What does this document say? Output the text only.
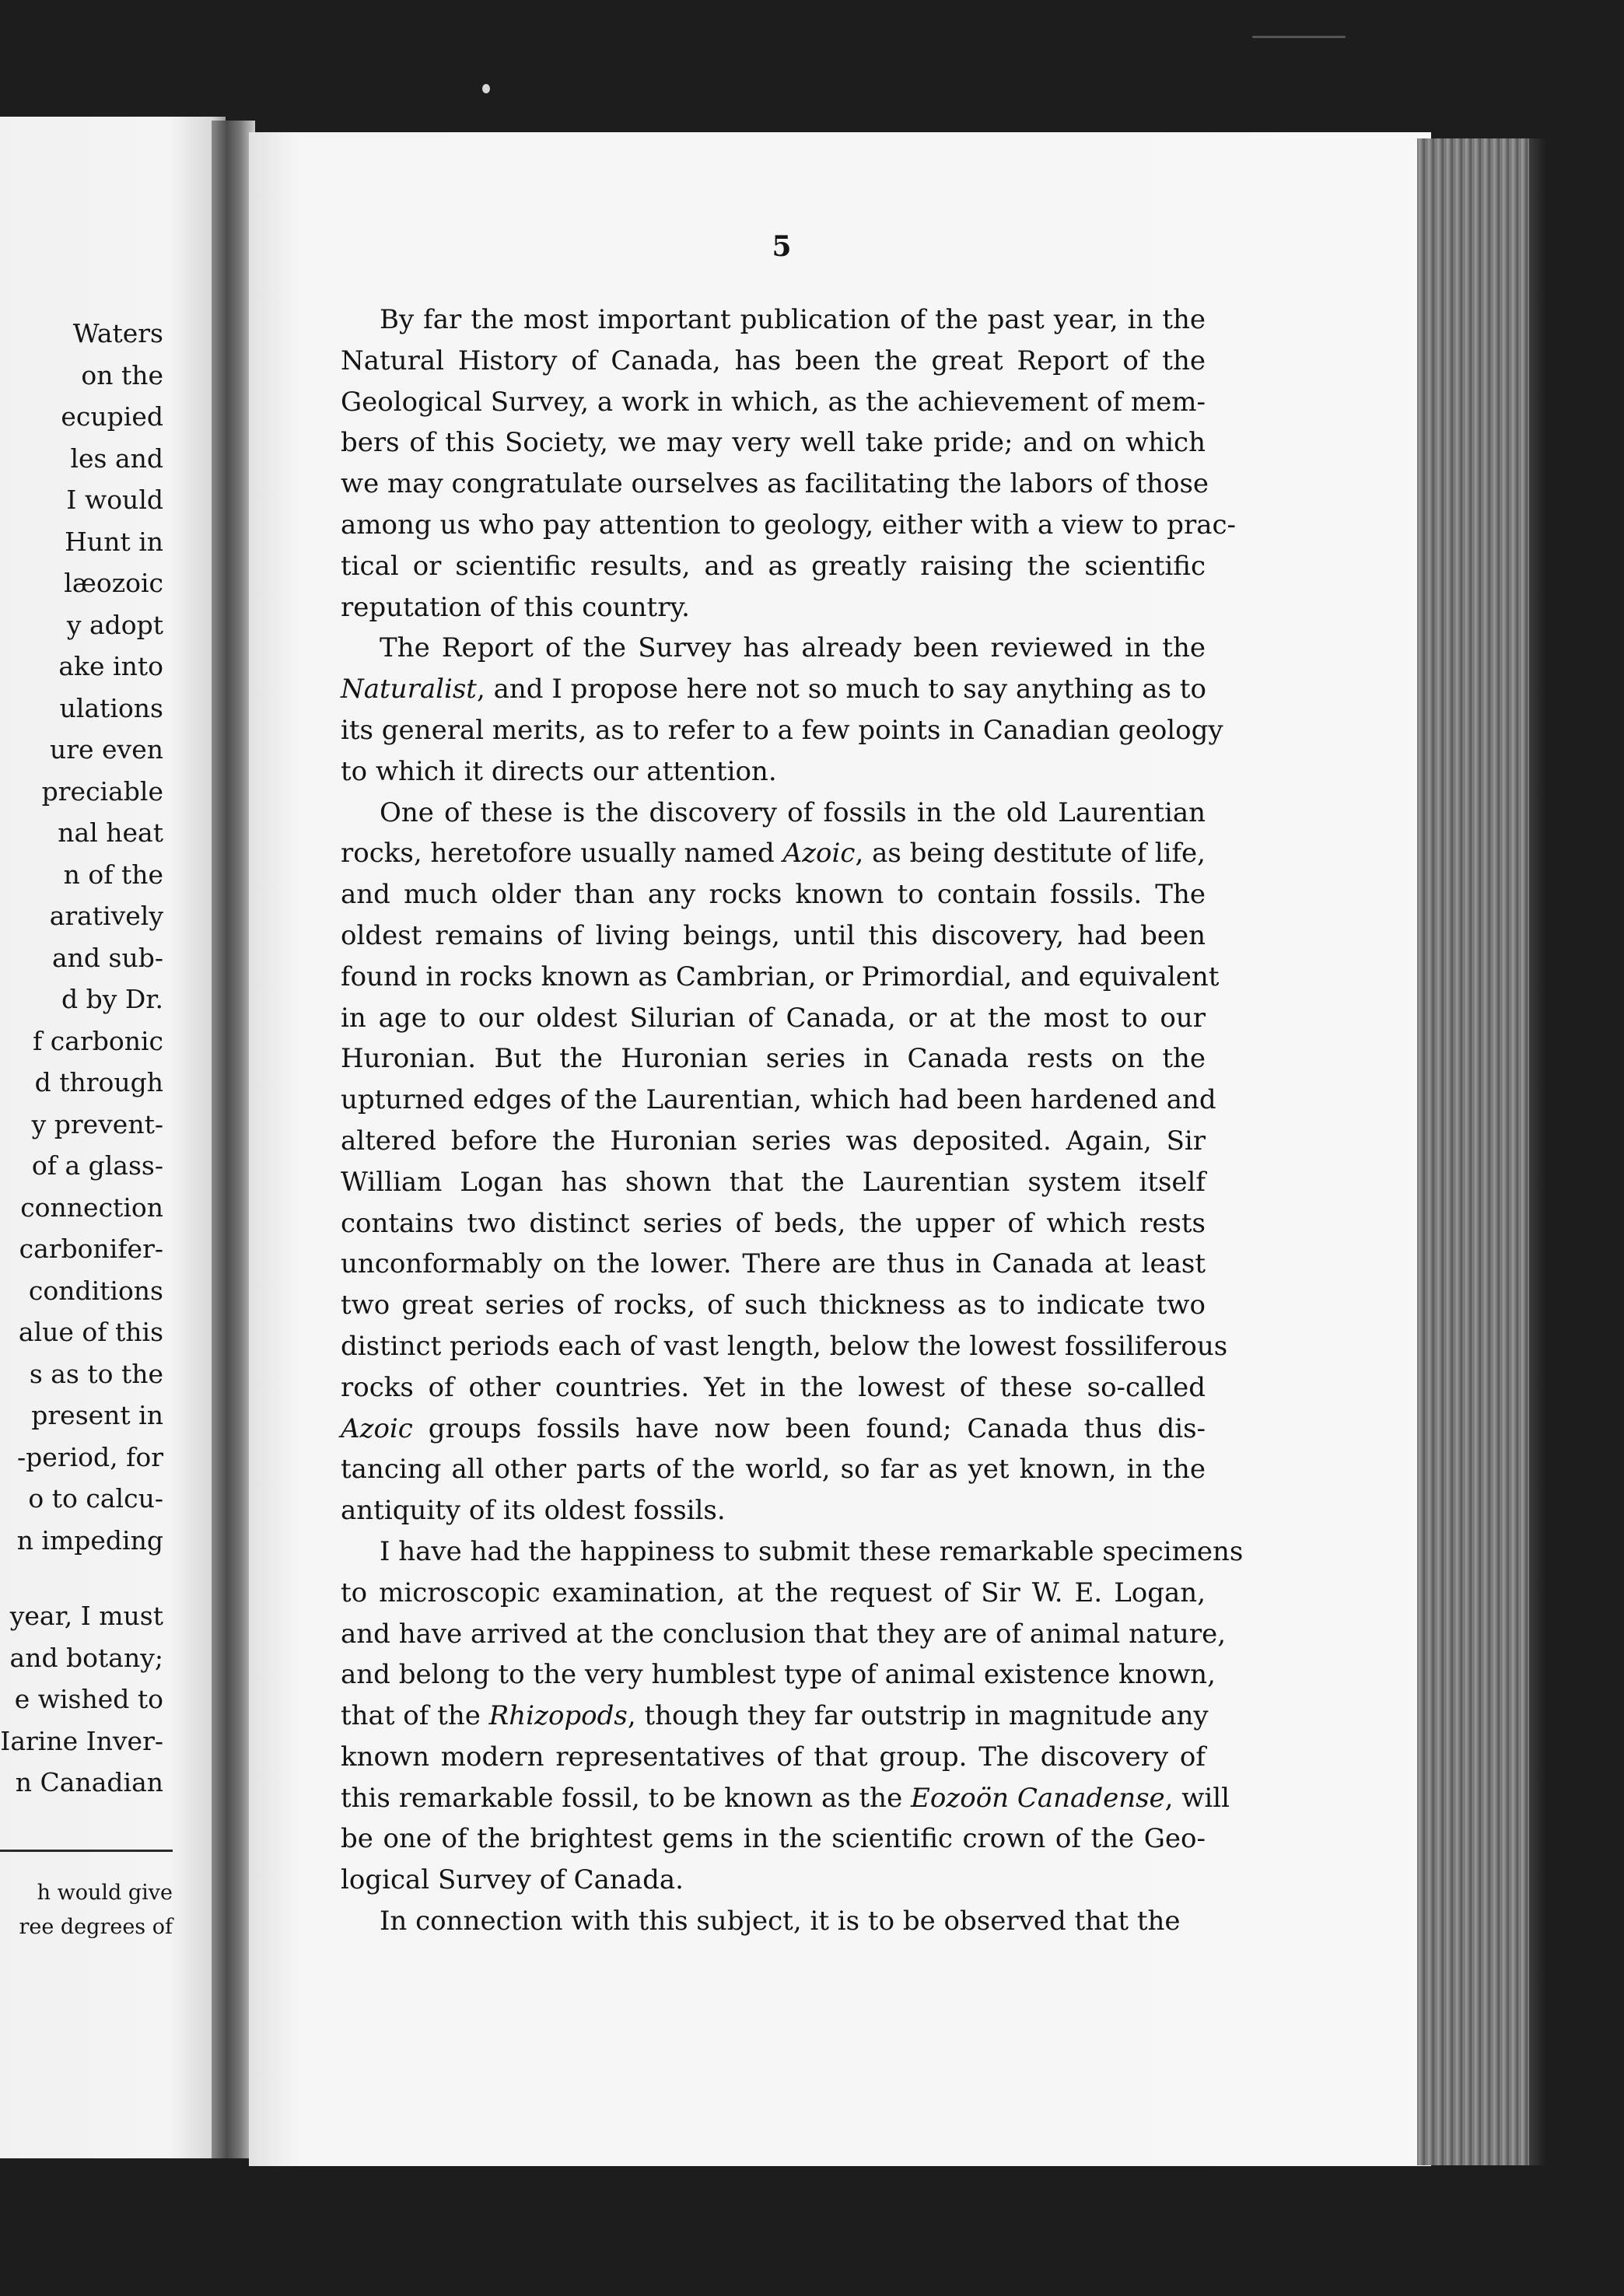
Waters
on the
ecupied
les and
I would
Hunt in
læozoic
y adopt
ake into
ulations
ure even
preciable
nal heat
n of the
aratively
and sub-
d by Dr.
f carbonic
d through
y prevent-
of a glass-
connection
carbonifer-
conditions
alue of this
s as to the
present in
-period, for
o to calcu-
n impeding
year, I must
and botany;
e wished to
Iarine Inver-
n Canadian
h would give
ree degrees of
5
By far the most important publication of the past year, in the
Natural History of Canada, has been the great Report of the
Geological Survey, a work in which, as the achievement of mem-
bers of this Society, we may very well take pride; and on which
we may congratulate ourselves as facilitating the labors of those
among us who pay attention to geology, either with a view to prac-
tical or scientific results, and as greatly raising the scientific
reputation of this country.
The Report of the Survey has already been reviewed in the
Naturalist, and I propose here not so much to say anything as to
its general merits, as to refer to a few points in Canadian geology
to which it directs our attention.
One of these is the discovery of fossils in the old Laurentian
rocks, heretofore usually named Azoic, as being destitute of life,
and much older than any rocks known to contain fossils. The
oldest remains of living beings, until this discovery, had been
found in rocks known as Cambrian, or Primordial, and equivalent
in age to our oldest Silurian of Canada, or at the most to our
Huronian. But the Huronian series in Canada rests on the
upturned edges of the Laurentian, which had been hardened and
altered before the Huronian series was deposited. Again, Sir
William Logan has shown that the Laurentian system itself
contains two distinct series of beds, the upper of which rests
unconformably on the lower. There are thus in Canada at least
two great series of rocks, of such thickness as to indicate two
distinct periods each of vast length, below the lowest fossiliferous
rocks of other countries. Yet in the lowest of these so-called
Azoic groups fossils have now been found; Canada thus dis-
tancing all other parts of the world, so far as yet known, in the
antiquity of its oldest fossils.
I have had the happiness to submit these remarkable specimens
to microscopic examination, at the request of Sir W. E. Logan,
and have arrived at the conclusion that they are of animal nature,
and belong to the very humblest type of animal existence known,
that of the Rhizopods, though they far outstrip in magnitude any
known modern representatives of that group. The discovery of
this remarkable fossil, to be known as the Eozoön Canadense, will
be one of the brightest gems in the scientific crown of the Geo-
logical Survey of Canada.
In connection with this subject, it is to be observed that the
